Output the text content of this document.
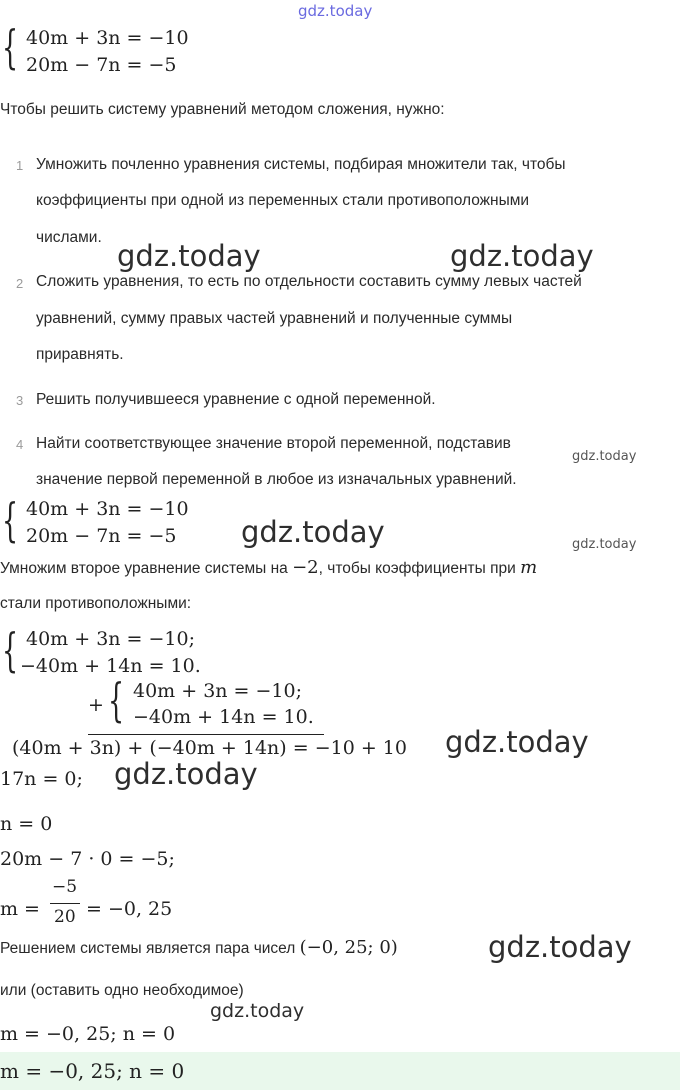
gdz.today
{ 40m + 3n = −10
20m − 7n = −5
Чтобы решить систему уравнений методом сложения, нужно:
1 Умножить почленно уравнения системы, подбирая множители так, чтобы
коэффициенты при одной из переменных стали противоположными
числами.
2 Сложить уравнения, то есть по отдельности составить сумму левых частей
уравнений, сумму правых частей уравнений и полученные суммы
приравнять.
3 Решить получившееся уравнение с одной переменной.
4 Найти соответствующее значение второй переменной, подставив
значение первой переменной в любое из изначальных уравнений.
gdz.today	gdz.today
gdz.today
{ 40m + 3n = −10
20m − 7n = −5 gdz.today	gdz.today
Умножим второе уравнение системы на −2, чтобы коэффициенты при m
стали противоположными:
{ 40m + 3n = −10;
−40m + 14n = 10.
+ { 40m + 3n = −10;
−40m + 14n = 10.
(40m + 3n) + (−40m + 14n) = −10 + 10 gdz.today
17n = 0; gdz.today
n = 0
20m − 7 · 0 = −5;
m =
−5
20 = −0, 25
Решением системы является пара чисел (−0, 25; 0)	gdz.today
или (оставить одно необходимое)
gdz.today
m = −0, 25; n = 0
m = −0, 25; n = 0
